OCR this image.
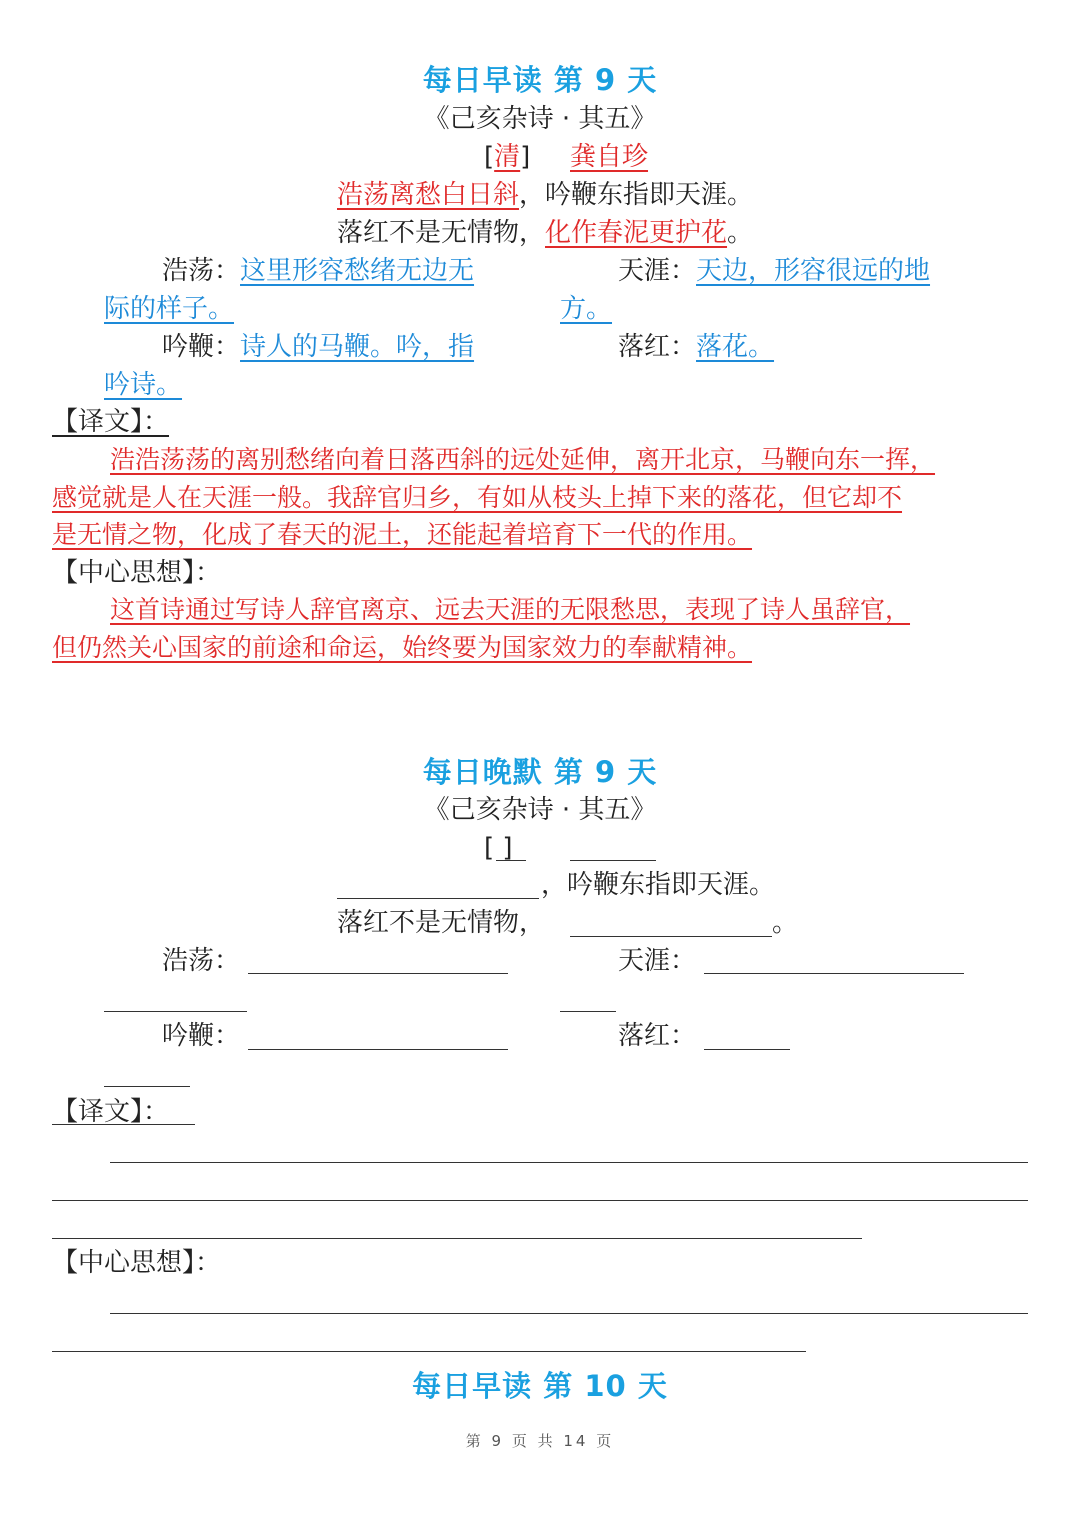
每日早读 第 9 天
《己亥杂诗 · 其五》
[清] 龚自珍
浩荡离愁白日斜，吟鞭东指即天涯。
落红不是无情物，化作春泥更护花。
浩荡：这里形容愁绪无边无
际的样子。
天涯：天边，形容很远的地
方。
吟鞭：诗人的马鞭。吟，指
吟诗。
落红：落花。
【译文】：
浩浩荡荡的离别愁绪向着日落西斜的远处延伸，离开北京，马鞭向东一挥，
感觉就是人在天涯一般。我辞官归乡，有如从枝头上掉下来的落花，但它却不
是无情之物，化成了春天的泥土，还能起着培育下一代的作用。
【中心思想】：
这首诗通过写诗人辞官离京、远去天涯的无限愁思，表现了诗人虽辞官，
但仍然关心国家的前途和命运，始终要为国家效力的奉献精神。
每日晚默 第 9 天
《己亥杂诗 · 其五》
[ ]
，吟鞭东指即天涯。
落红不是无情物，	。
浩荡：	天涯：
吟鞭：	落红：
【译文】：
【中心思想】：
每日早读 第 10 天
第 9 页 共 14 页
